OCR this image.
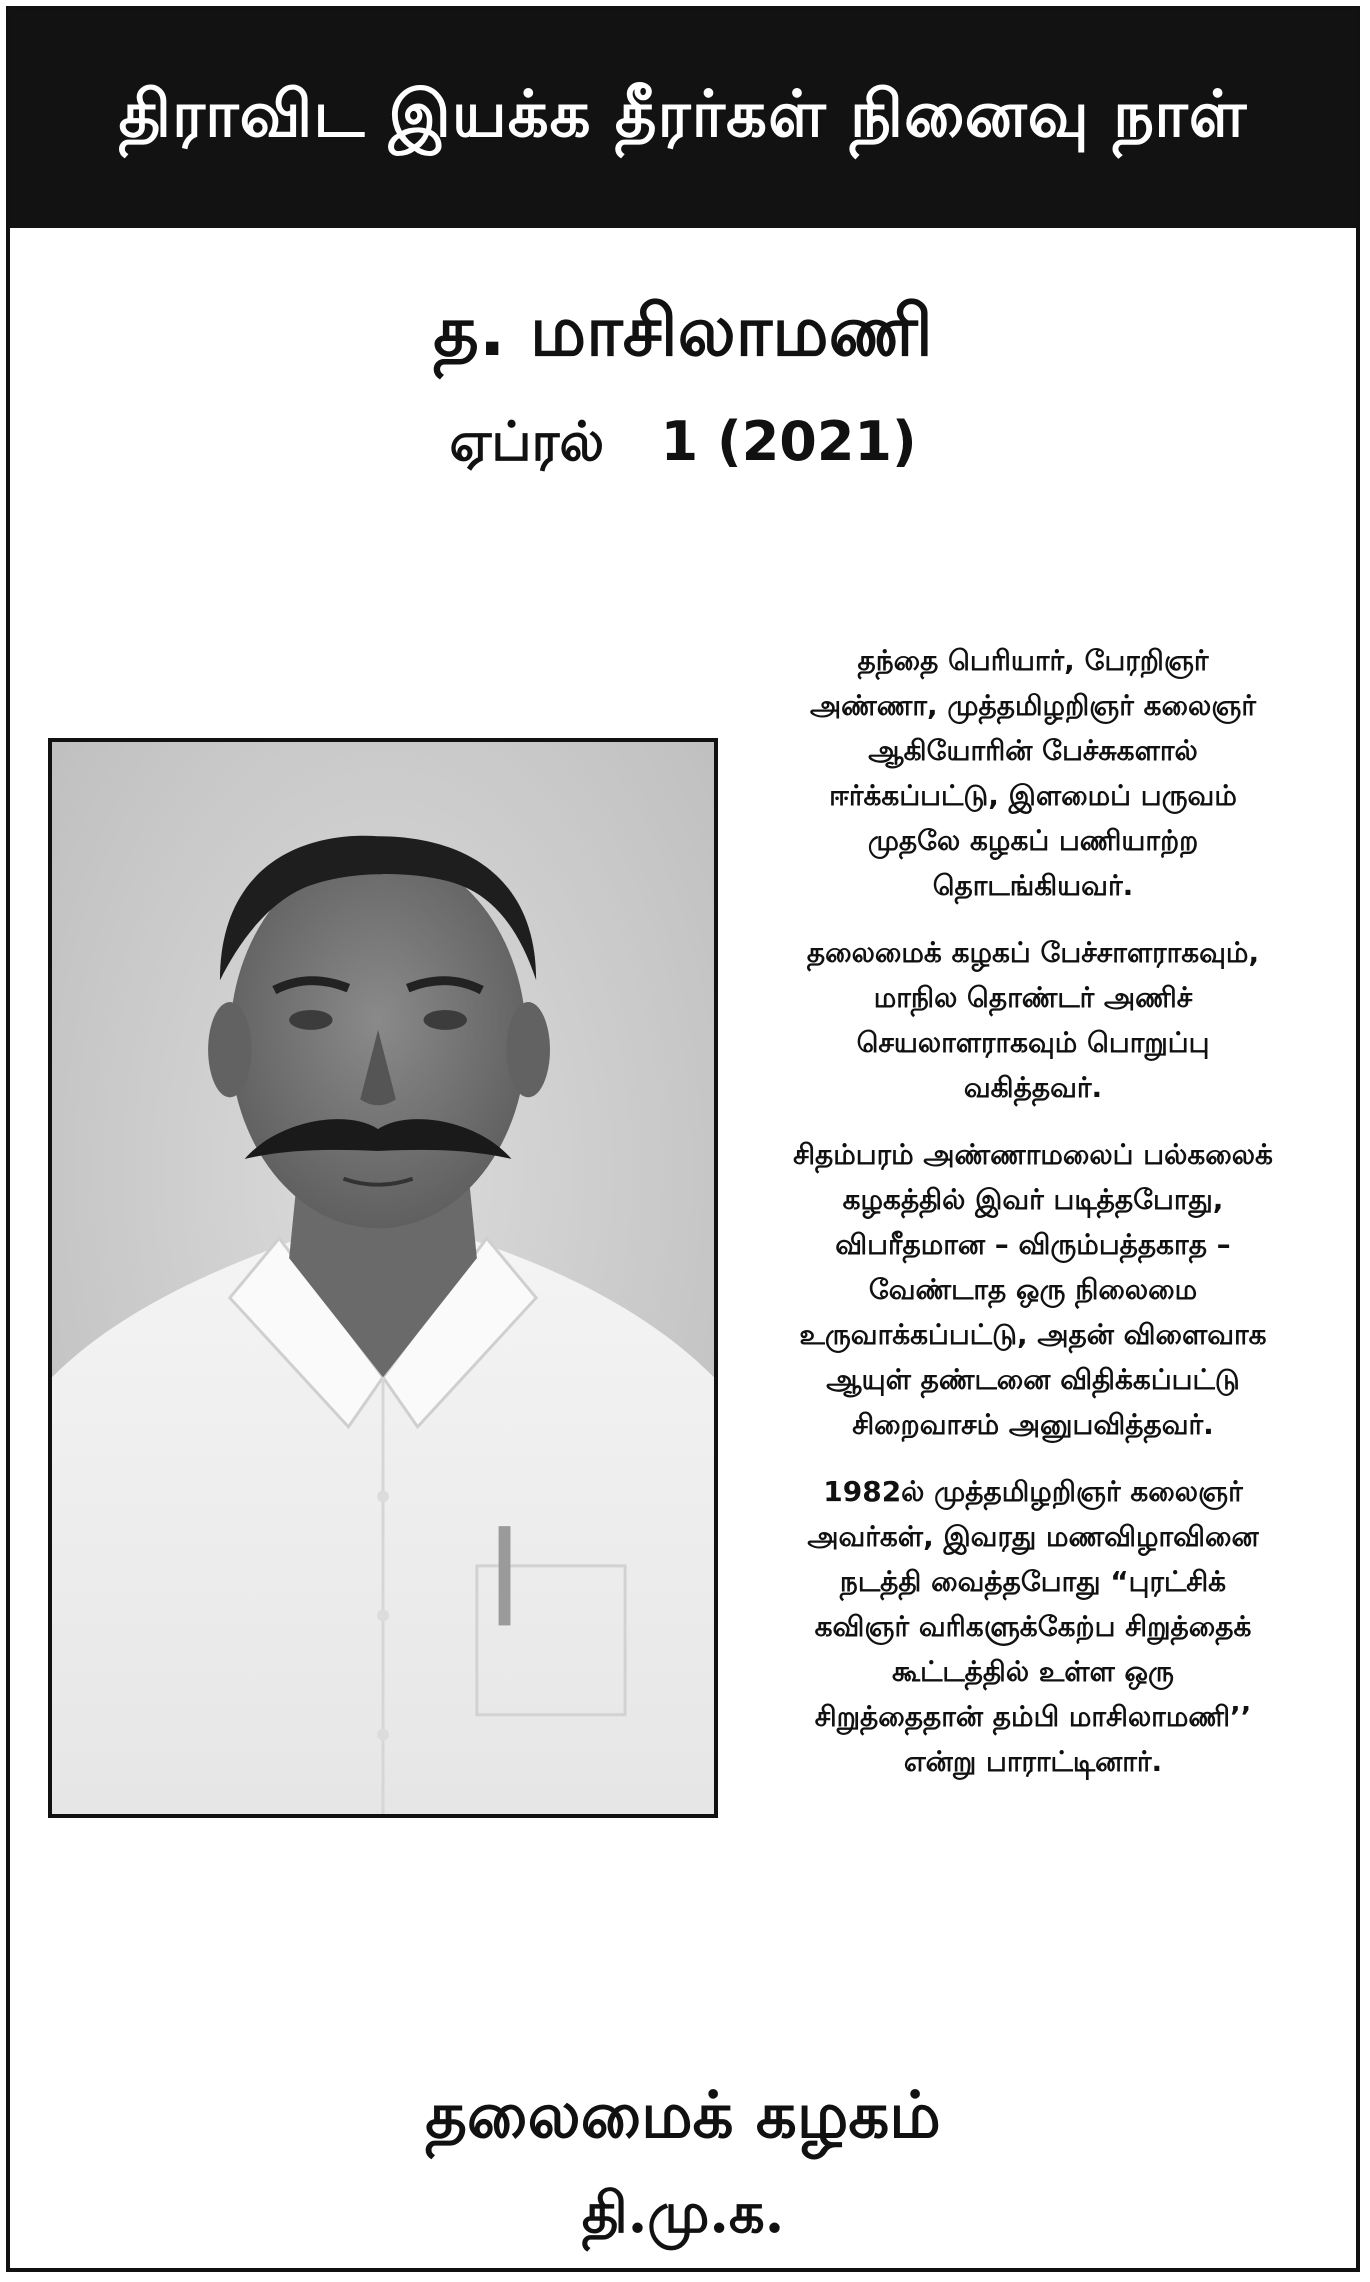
திராவிட இயக்க தீரர்கள் நினைவு நாள்
த. மாசிலாமணி
ஏப்ரல்   1 (2021)

தந்தை பெரியார், பேரறிஞர்
அண்ணா, முத்தமிழறிஞர் கலைஞர்
ஆகியோரின் பேச்சுகளால்
ஈர்க்கப்பட்டு, இளமைப் பருவம்
முதலே கழகப் பணியாற்ற
தொடங்கியவர்.

தலைமைக் கழகப் பேச்சாளராகவும்,
மாநில தொண்டர் அணிச்
செயலாளராகவும் பொறுப்பு
வகித்தவர்.

சிதம்பரம் அண்ணாமலைப் பல்கலைக்
கழகத்தில் இவர் படித்தபோது,
விபரீதமான – விரும்பத்தகாத –
வேண்டாத ஒரு நிலைமை
உருவாக்கப்பட்டு, அதன் விளைவாக
ஆயுள் தண்டனை விதிக்கப்பட்டு
சிறைவாசம் அனுபவித்தவர்.

1982ல் முத்தமிழறிஞர் கலைஞர்
அவர்கள், இவரது மணவிழாவினை
நடத்தி வைத்தபோது “புரட்சிக்
கவிஞர் வரிகளுக்கேற்ப சிறுத்தைக்
கூட்டத்தில் உள்ள ஒரு
சிறுத்தைதான் தம்பி மாசிலாமணி’’
என்று பாராட்டினார்.

தலைமைக் கழகம்
தி.மு.க.
